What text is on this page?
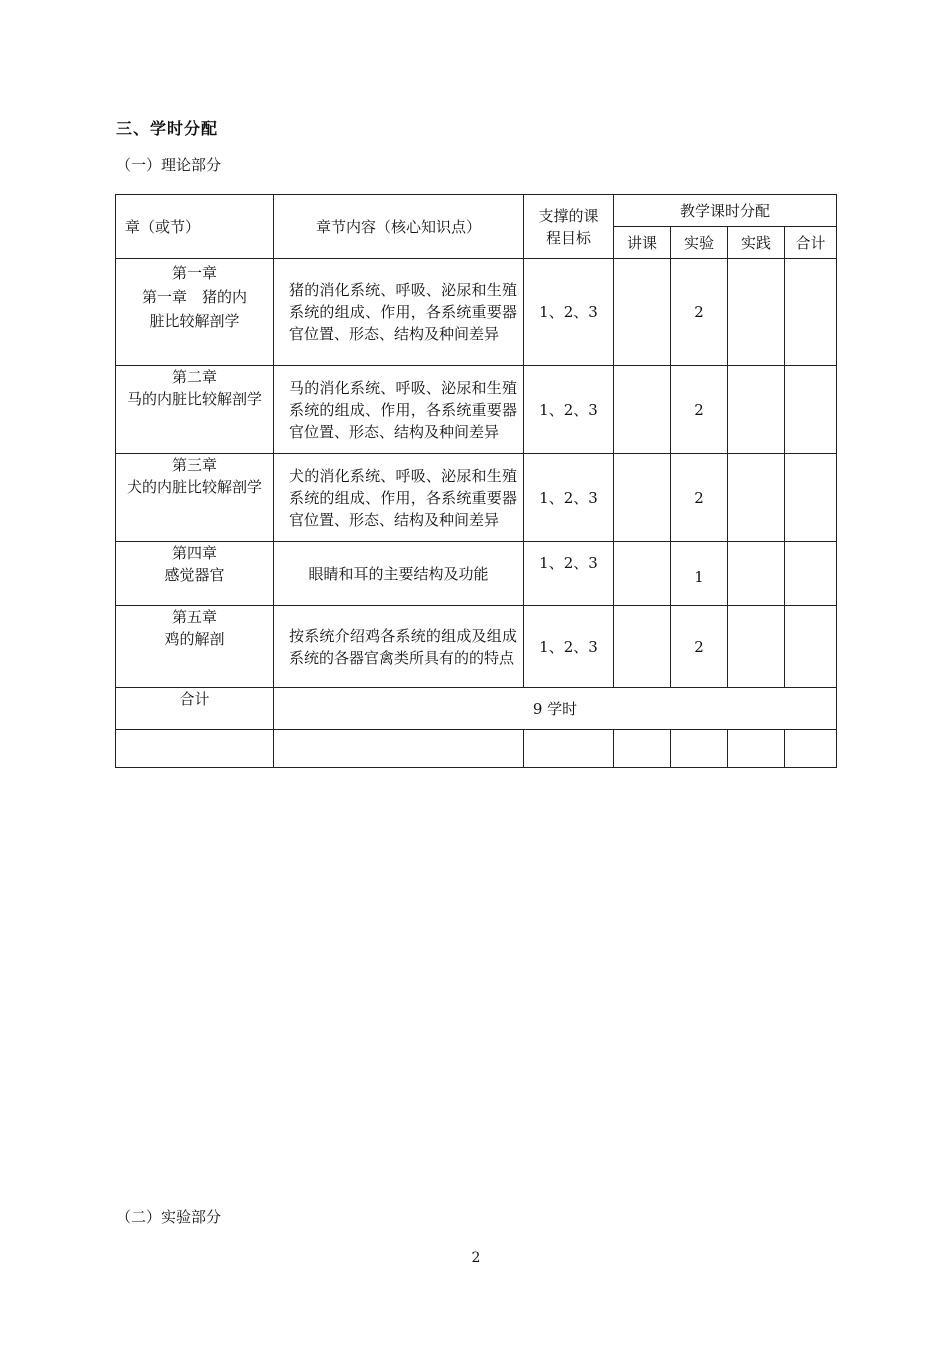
三、学时分配
（一）理论部分
章（或节）	章节内容（核心知识点）	支撑的课程目标	教学课时分配			
			讲课	实验	实践	合计
第一章
第一章　猪的内
脏比较解剖学	猪的消化系统、呼吸、泌尿和生殖系统的组成、作用，各系统重要器官位置、形态、结构及种间差异	1、2、3		2		

第二章
马的内脏比较解剖学	马的消化系统、呼吸、泌尿和生殖系统的组成、作用，各系统重要器官位置、形态、结构及种间差异	1、2、3		2		

第三章
犬的内脏比较解剖学	犬的消化系统、呼吸、泌尿和生殖系统的组成、作用，各系统重要器官位置、形态、结构及种间差异	1、2、3		2		
第四章
感觉器官	眼睛和耳的主要结构及功能	1、2、3		1		
第五章
鸡的解剖	按系统介绍鸡各系统的组成及组成系统的各器官禽类所具有的的特点	1、2、3		2		
合计	9 学时					

（二）实验部分
2
